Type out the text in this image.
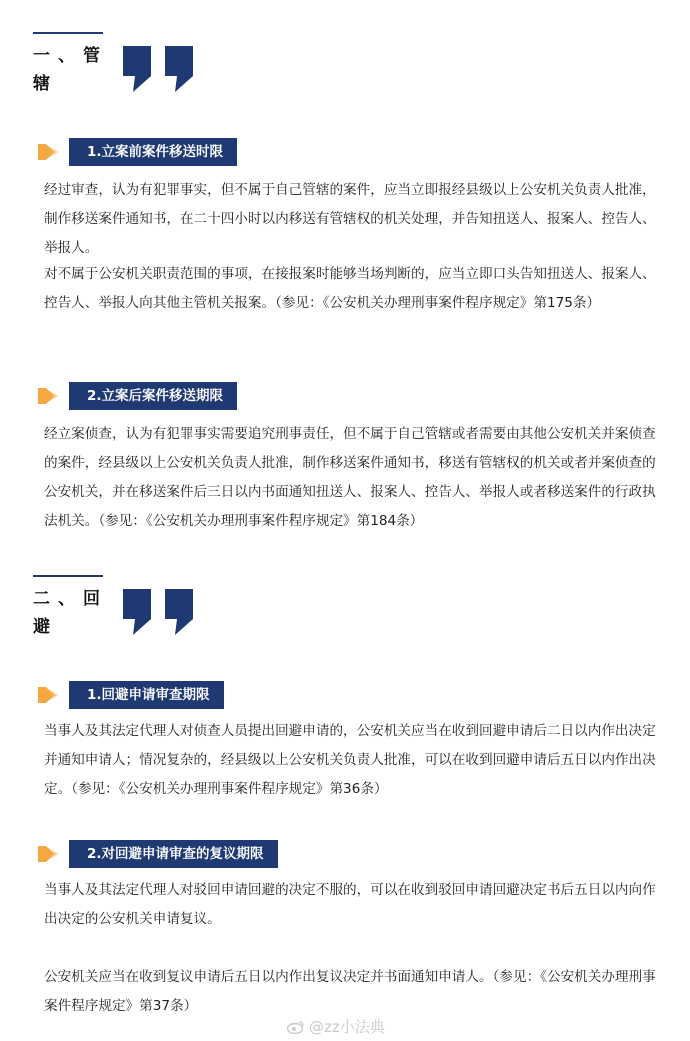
一、管辖
1.立案前案件移送时限

经过审查，认为有犯罪事实，但不属于自己管辖的案件，应当立即报经县级以上公安机关负责人批准，制作移送案件通知书，在二十四小时以内移送有管辖权的机关处理，并告知扭送人、报案人、控告人、举报人。

对不属于公安机关职责范围的事项，在接报案时能够当场判断的，应当立即口头告知扭送人、报案人、控告人、举报人向其他主管机关报案。（参见：《公安机关办理刑事案件程序规定》第175条）

2.立案后案件移送期限

经立案侦查，认为有犯罪事实需要追究刑事责任，但不属于自己管辖或者需要由其他公安机关并案侦查的案件，经县级以上公安机关负责人批准，制作移送案件通知书，移送有管辖权的机关或者并案侦查的公安机关，并在移送案件后三日以内书面通知扭送人、报案人、控告人、举报人或者移送案件的行政执法机关。（参见：《公安机关办理刑事案件程序规定》第184条）

二、回避
1.回避申请审查期限

当事人及其法定代理人对侦查人员提出回避申请的，公安机关应当在收到回避申请后二日以内作出决定并通知申请人；情况复杂的，经县级以上公安机关负责人批准，可以在收到回避申请后五日以内作出决定。（参见：《公安机关办理刑事案件程序规定》第36条）

2.对回避申请审查的复议期限

当事人及其法定代理人对驳回申请回避的决定不服的，可以在收到驳回申请回避决定书后五日以内向作出决定的公安机关申请复议。

公安机关应当在收到复议申请后五日以内作出复议决定并书面通知申请人。（参见：《公安机关办理刑事案件程序规定》第37条）

@zz小法典
